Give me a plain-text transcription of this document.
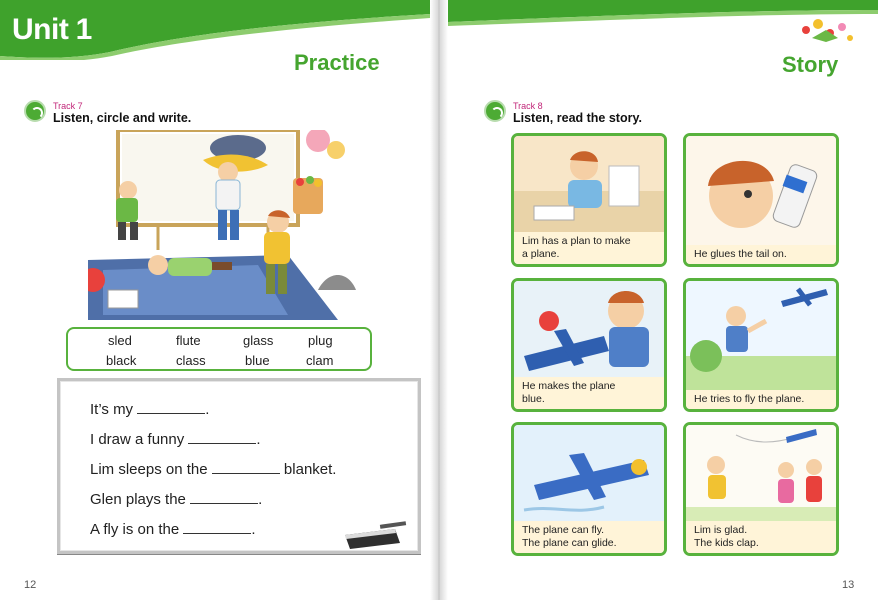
Unit 1
Practice	Story
Track 7
Listen, circle and write.
sled	flute	glass	plug
black	class	blue	clam
It’s my	.
I draw a funny	.
Lim sleeps on the	blanket.
Glen plays the	.
A fly is on the	.
12
Track 8
Listen, read the story.
Lim has a plan to make
a plane.	He glues the tail on.
He makes the plane
blue.	He tries to fly the plane.
The plane can fly.
The plane can glide.
Lim is glad.
The kids clap.
13
